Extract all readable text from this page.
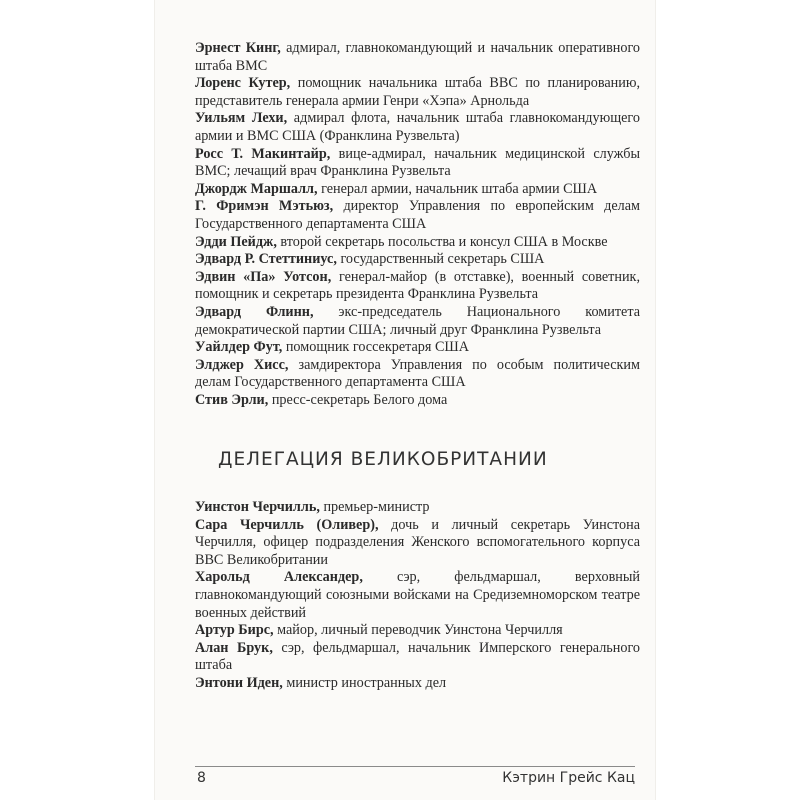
Эрнест Кинг, адмирал, главнокомандующий и начальник оперативного штаба ВМС

Лоренс Кутер, помощник начальника штаба ВВС по планированию, представитель генерала армии Генри «Хэпа» Арнольда

Уильям Лехи, адмирал флота, начальник штаба главнокомандующего армии и ВМС США (Франклина Рузвельта)

Росс Т. Макинтайр, вице-адмирал, начальник медицинской службы ВМС; лечащий врач Франклина Рузвельта

Джордж Маршалл, генерал армии, начальник штаба армии США

Г. Фримэн Мэтьюз, директор Управления по европейским делам Государственного департамента США

Эдди Пейдж, второй секретарь посольства и консул США в Москве

Эдвард Р. Стеттиниус, государственный секретарь США

Эдвин «Па» Уотсон, генерал-майор (в отставке), военный советник, помощник и секретарь президента Франклина Рузвельта

Эдвард Флинн, экс-председатель Национального комитета демократической партии США; личный друг Франклина Рузвельта

Уайлдер Фут, помощник госсекретаря США

Элджер Хисс, замдиректора Управления по особым политическим делам Государственного департамента США

Стив Эрли, пресс-секретарь Белого дома

ДЕЛЕГАЦИЯ ВЕЛИКОБРИТАНИИ

Уинстон Черчилль, премьер-министр

Сара Черчилль (Оливер), дочь и личный секретарь Уинстона Черчилля, офицер подразделения Женского вспомогательного корпуса ВВС Великобритании

Харольд Александер, сэр, фельдмаршал, верховный главнокомандующий союзными войсками на Средиземноморском театре военных действий

Артур Бирс, майор, личный переводчик Уинстона Черчилля

Алан Брук, сэр, фельдмаршал, начальник Имперского генерального штаба

Энтони Иден, министр иностранных дел

8	Кэтрин Грейс Кац
